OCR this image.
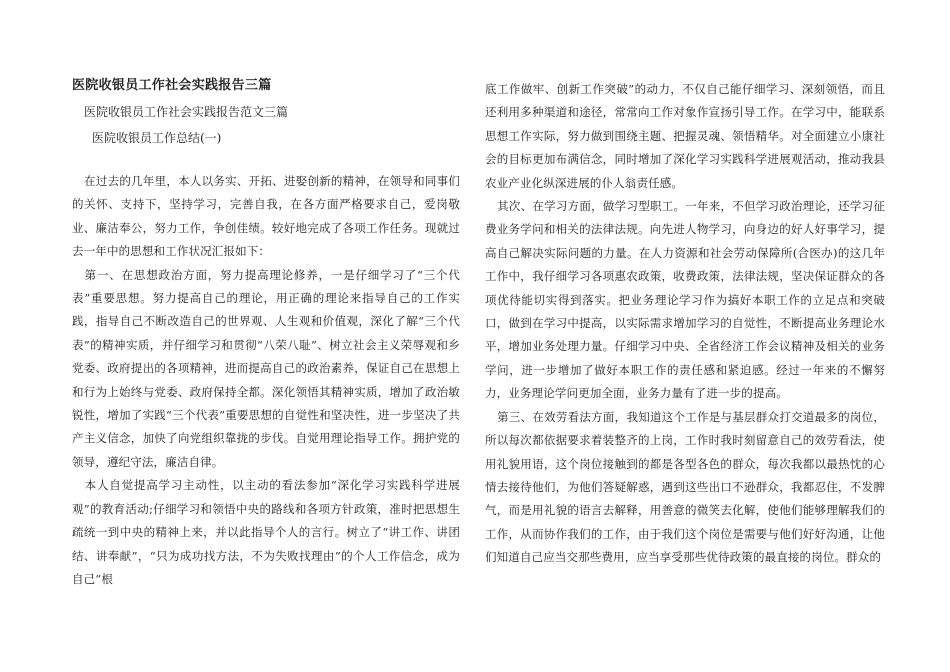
医院收银员工作社会实践报告三篇
医院收银员工作社会实践报告范文三篇
医院收银员工作总结(一)

在过去的几年里，本人以务实、开拓、进娶创新的精神，在领导和同事们的关怀、支持下，坚持学习，完善自我，在各方面严格要求自己，爱岗敬业、廉洁奉公，努力工作，争创佳绩。较好地完成了各项工作任务。现就过去一年中的思想和工作状况汇报如下：

第一、在思想政治方面，努力提高理论修养，一是仔细学习了“三个代表”重要思想。努力提高自己的理论，用正确的理论来指导自己的工作实践，指导自己不断改造自己的世界观、人生观和价值观，深化了解“三个代表”的精神实质，并仔细学习和贯彻“八荣八耻”、树立社会主义荣辱观和乡党委、政府提出的各项精神，进而提高自己的政治素养，保证自己在思想上和行为上始终与党委、政府保持全都。深化领悟其精神实质，增加了政治敏锐性，增加了实践“三个代表”重要思想的自觉性和坚决性，进一步坚决了共产主义信念，加快了向党组织靠拢的步伐。自觉用理论指导工作。拥护党的领导，遵纪守法，廉洁自律。

本人自觉提高学习主动性，以主动的看法参加“深化学习实践科学进展观”的教育活动;仔细学习和领悟中央的路线和各项方针政策，准时把思想生疏统一到中央的精神上来，并以此指导个人的言行。树立了“讲工作、讲团结、讲奉献”，“只为成功找方法，不为失败找理由”的个人工作信念，成为自己“根

底工作做牢、创新工作突破”的动力，不仅自己能仔细学习、深刻领悟，而且还利用多种渠道和途径，常常向工作对象作宣扬引导工作。在学习中，能联系思想工作实际，努力做到围绕主题、把握灵魂、领悟精华。对全面建立小康社会的目标更加布满信念，同时增加了深化学习实践科学进展观活动，推动我县农业产业化纵深进展的仆人翁责任感。

其次、在学习方面，做学习型职工。一年来，不但学习政治理论，还学习征费业务学问和相关的法律法规。向先进人物学习，向身边的好人好事学习，提高自己解决实际问题的力量。在人力资源和社会劳动保障所(合医办)的这几年工作中，我仔细学习各项惠农政策，收费政策，法律法规，坚决保证群众的各项优待能切实得到落实。把业务理论学习作为搞好本职工作的立足点和突破口，做到在学习中提高，以实际需求增加学习的自觉性，不断提高业务理论水平，增加业务处理力量。仔细学习中央、全省经济工作会议精神及相关的业务学问，进一步增加了做好本职工作的责任感和紧迫感。经过一年来的不懈努力，业务理论学问更加全面，业务力量有了进一步的提高。

第三、在效劳看法方面，我知道这个工作是与基层群众打交道最多的岗位，所以每次都依据要求着装整齐的上岗，工作时我时刻留意自己的效劳看法，使用礼貌用语，这个岗位接触到的都是各型各色的群众，每次我都以最热忱的心情去接待他们，为他们答疑解惑，遇到这些出口不逊群众，我都忍住，不发脾气，而是用礼貌的语言去解释，用善意的微笑去化解，使他们能够理解我们的工作，从而协作我们的工作，由于我们这个岗位是需要与他们好好沟通，让他们知道自己应当交那些费用，应当享受那些优待政策的最直接的岗位。群众的
